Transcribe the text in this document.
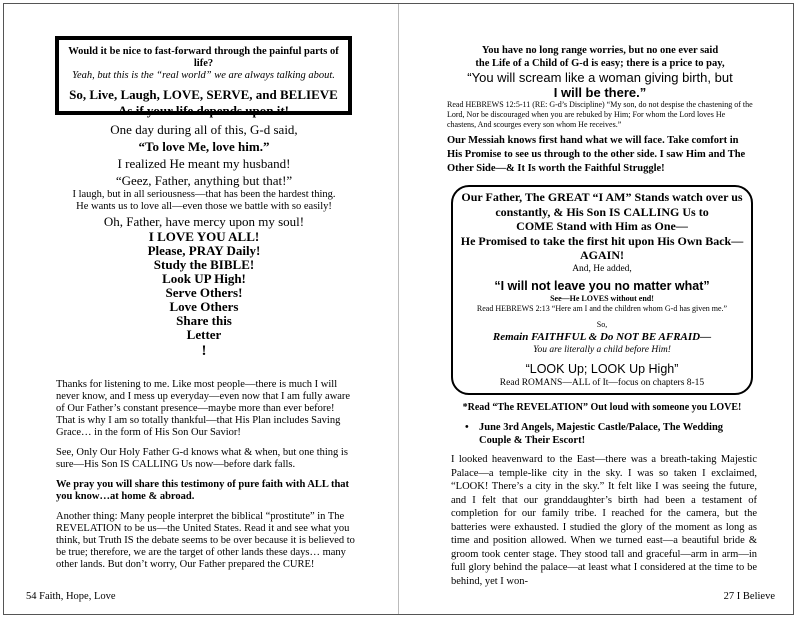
Would it be nice to fast-forward through the painful parts of life?

Yeah, but this is the “real world” we are always talking about.

So, Live, Laugh, LOVE, SERVE, and BELIEVE

As if your life depends upon it!

One day during all of this, G-d said,

“To love Me, love him.”

I realized He meant my husband!

“Geez, Father, anything but that!”

I laugh, but in all seriousness—that has been the hardest thing.

He wants us to love all—even those we battle with so easily!

Oh, Father, have mercy upon my soul!

I LOVE YOU ALL!

Please, PRAY Daily!

Study the BIBLE!

Look UP High!

Serve Others!

Love Others

Share this

Letter

!

Thanks for listening to me. Like most people—there is much I will never know, and I mess up everyday—even now that I am fully aware of Our Father’s constant presence—maybe more than ever before! That is why I am so totally thankful—that His Plan includes Saving Grace… in the form of His Son Our Savior!

See, Only Our Holy Father G-d knows what & when, but one thing is sure—His Son IS CALLING Us now—before dark falls.

We pray you will share this testimony of pure faith with ALL that you know…at home & abroad.

Another thing: Many people interpret the biblical “prostitute” in The REVELATION to be us—the United States. Read it and see what you think, but Truth IS the debate seems to be over because it is believed to be true; therefore, we are the target of other lands these days… many other lands. But don’t worry, Our Father prepared the CURE!

54 Faith, Hope, Love

You have no long range worries, but no one ever said

the Life of a Child of G-d is easy; there is a price to pay,

“You will scream like a woman giving birth, but

I will be there.”

Read HEBREWS 12:5-11 (RE: G-d’s Discipline) “My son, do not despise the chastening of the Lord, Nor be discouraged when you are rebuked by Him; For whom the Lord loves He chastens, And scourges every son whom He receives.”

Our Messiah knows first hand what we will face. Take comfort in His Promise to see us through to the other side. I saw Him and The Other Side—& It Is worth the Faithful Struggle!

Our Father, The GREAT “I AM” Stands watch over us

constantly, & His Son IS CALLING Us to

COME Stand with Him as One—

He Promised to take the first hit upon His Own Back—

AGAIN!

And, He added,

“I will not leave you no matter what”

See—He LOVES without end!

Read HEBREWS 2:13 “Here am I and the children whom G-d has given me.”

So,

Remain FAITHFUL & Do NOT BE AFRAID—

You are literally a child before Him!

“LOOK Up; LOOK Up High”

Read ROMANS—ALL of It—focus on chapters 8-15

*Read “The REVELATION” Out loud with someone you LOVE!
• June 3rd Angels, Majestic Castle/Palace, The Wedding Couple & Their Escort!
I looked heavenward to the East—there was a breath-taking Majestic Palace—a temple-like city in the sky. I was so taken I exclaimed, “LOOK! There’s a city in the sky.” It felt like I was seeing the future, and I felt that our granddaughter’s birth had been a testament of completion for our family tribe. I reached for the camera, but the batteries were exhausted. I studied the glory of the moment as long as time and position allowed. When we turned east—a beautiful bride & groom took center stage. They stood tall and graceful—arm in arm—in full glory behind the palace—at least what I considered at the time to be behind, yet I won-
27 I Believe
